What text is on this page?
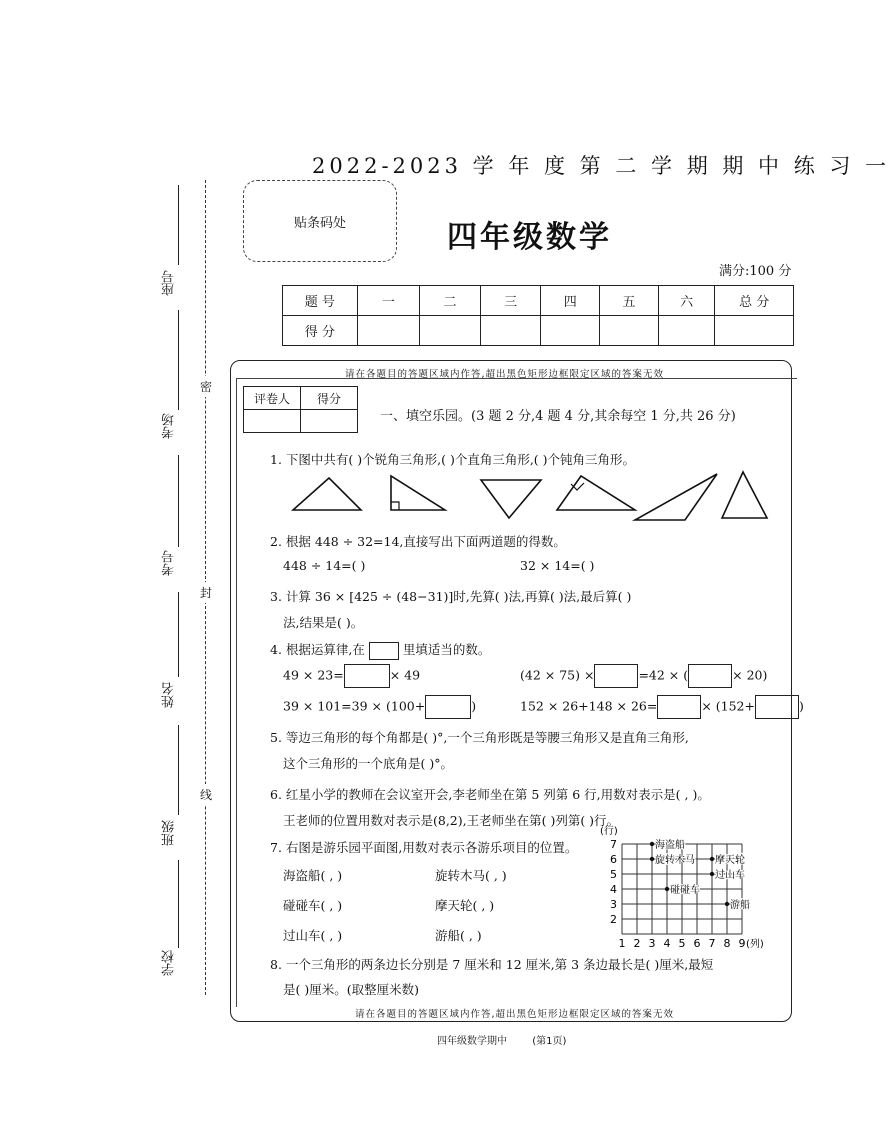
座号
考场
考号
姓名
班级
学校
密
封
线
2022-2023 学 年 度 第 二 学 期 期 中 练 习 一
贴条码处	四年级数学
满分:100 分
题 号	一	二	三	四	五	六	总 分
得 分							
请在各题目的答题区域内作答,超出黑色矩形边框限定区域的答案无效
评卷人	得分

一、填空乐园。(3 题 2 分,4 题 4 分,其余每空 1 分,共 26 分)
1. 下图中共有( )个锐角三角形,( )个直角三角形,( )个钝角三角形。
2. 根据 448 ÷ 32=14,直接写出下面两道题的得数。
448 ÷ 14=( )	32 × 14=( )
3. 计算 36 × [425 ÷ (48−31)]时,先算( )法,再算( )法,最后算( )
法,结果是( )。
4. 根据运算律,在	里填适当的数。
49 × 23=	× 49	(42 × 75) ×	=42 × (	× 20)
39 × 101=39 × (100+	)	152 × 26+148 × 26=	× (152+	)
5. 等边三角形的每个角都是( )°,一个三角形既是等腰三角形又是直角三角形,
这个三角形的一个底角是( )°。
6. 红星小学的教师在会议室开会,李老师坐在第 5 列第 6 行,用数对表示是( , )。
王老师的位置用数对表示是(8,2),王老师坐在第( )列第( )行。
7. 右图是游乐园平面图,用数对表示各游乐项目的位置。
海盗船( , )	旋转木马( , )
碰碰车( , )	摩天轮( , )
过山车( , )	游船( , )
1 2 3 4 5 6 7 8 9
2
3
4
5
6
7
(列)
(行)
海盗船
旋转木马 摩天轮
过山车
碰碰车
游船
8. 一个三角形的两条边长分别是 7 厘米和 12 厘米,第 3 条边最长是( )厘米,最短
是( )厘米。(取整厘米数)
请在各题目的答题区域内作答,超出黑色矩形边框限定区域的答案无效
四年级数学期中	(第1页)
